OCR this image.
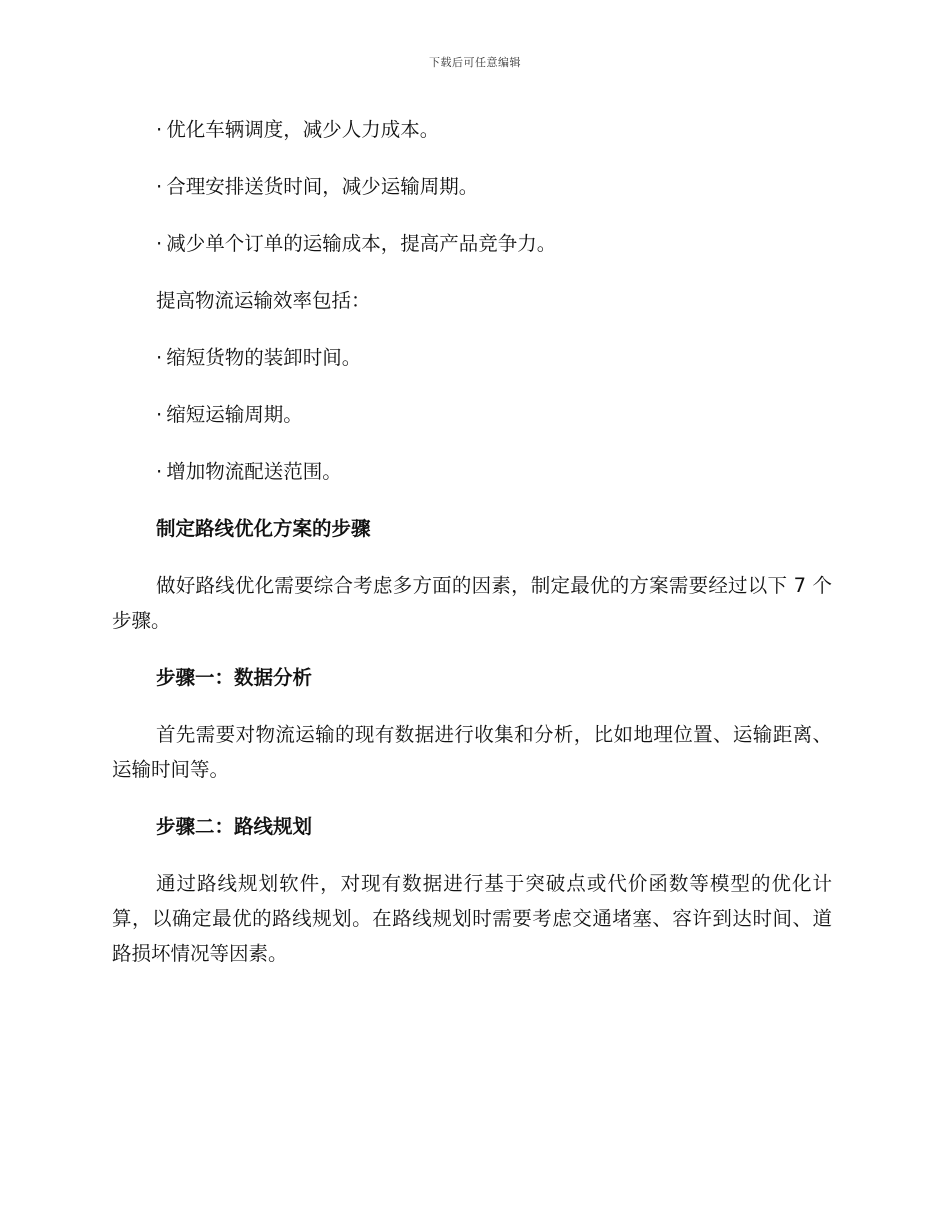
下载后可任意编辑

· 优化车辆调度，减少人力成本。

· 合理安排送货时间，减少运输周期。

· 减少单个订单的运输成本，提高产品竞争力。

提高物流运输效率包括：

· 缩短货物的装卸时间。

· 缩短运输周期。

· 增加物流配送范围。

制定路线优化方案的步骤

做好路线优化需要综合考虑多方面的因素，制定最优的方案需要经过以下 7 个步骤。

步骤一：数据分析

首先需要对物流运输的现有数据进行收集和分析，比如地理位置、运输距离、运输时间等。

步骤二：路线规划

通过路线规划软件，对现有数据进行基于突破点或代价函数等模型的优化计算，以确定最优的路线规划。在路线规划时需要考虑交通堵塞、容许到达时间、道路损坏情况等因素。
